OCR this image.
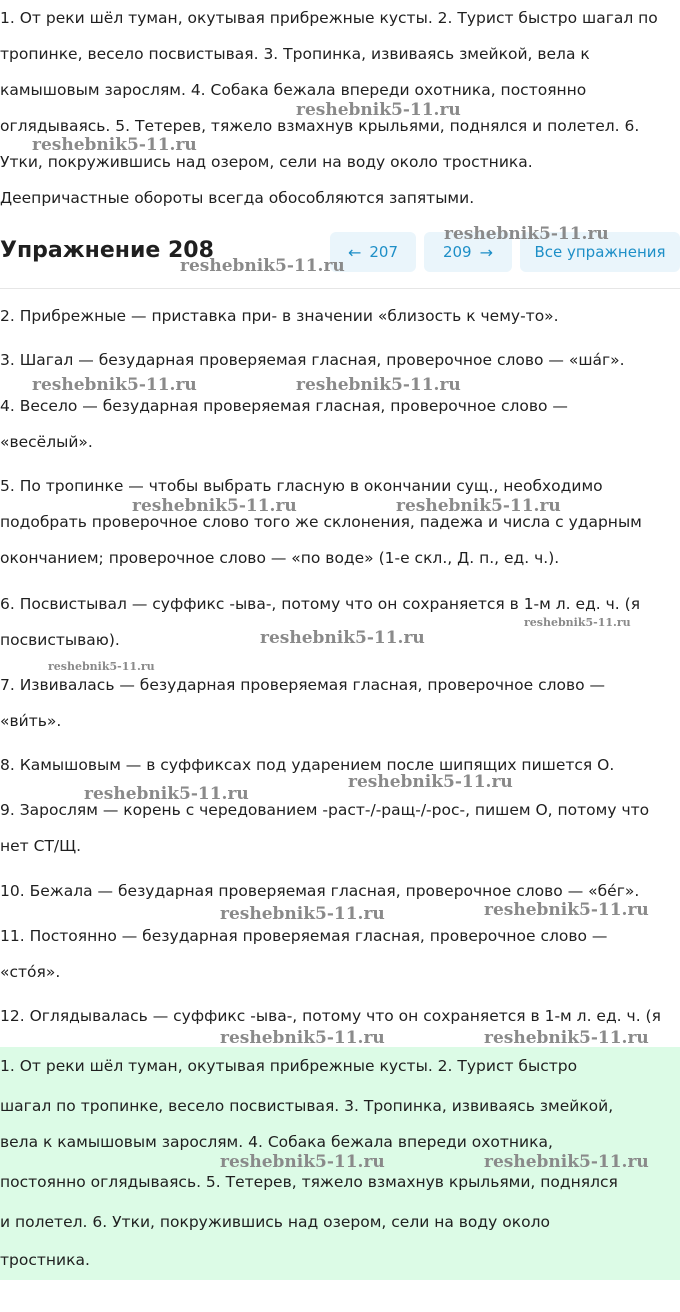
1. От реки шёл туман, окутывая прибрежные кусты. 2. Турист быстро шагал по

тропинке, весело посвистывая. 3. Тропинка, извиваясь змейкой, вела к

камышовым зарослям. 4. Собака бежала впереди охотника, постоянно

оглядываясь. 5. Тетерев, тяжело взмахнув крыльями, поднялся и полетел. 6.

Утки, покружившись над озером, сели на воду около тростника.

Деепричастные обороты всегда обособляются запятыми.

Упражнение 208	← 207	209 →	Все упражнения

2. Прибрежные — приставка при- в значении «близость к чему-то».

3. Шагал — безударная проверяемая гласная, проверочное слово — «ша́г».

4. Весело — безударная проверяемая гласная, проверочное слово —

«весёлый».

5. По тропинке — чтобы выбрать гласную в окончании сущ., необходимо

подобрать проверочное слово того же склонения, падежа и числа с ударным

окончанием; проверочное слово — «по воде» (1-е скл., Д. п., ед. ч.).

6. Посвистывал — суффикс -ыва-, потому что он сохраняется в 1-м л. ед. ч. (я

посвистываю).

7. Извивалась — безударная проверяемая гласная, проверочное слово —

«ви́ть».

8. Камышовым — в суффиксах под ударением после шипящих пишется О.

9. Зарослям — корень с чередованием -раст-/-ращ-/-рос-, пишем О, потому что

нет СТ/Щ.

10. Бежала — безударная проверяемая гласная, проверочное слово — «бе́г».

11. Постоянно — безударная проверяемая гласная, проверочное слово —

«сто́я».

12. Оглядывалась — суффикс -ыва-, потому что он сохраняется в 1-м л. ед. ч. (я

1. От реки шёл туман, окутывая прибрежные кусты. 2. Турист быстро

шагал по тропинке, весело посвистывая. 3. Тропинка, извиваясь змейкой,

вела к камышовым зарослям. 4. Собака бежала впереди охотника,

постоянно оглядываясь. 5. Тетерев, тяжело взмахнув крыльями, поднялся

и полетел. 6. Утки, покружившись над озером, сели на воду около

тростника.

reshebnik5-11.ru
reshebnik5-11.ru
reshebnik5-11.ru
reshebnik5-11.ru
reshebnik5-11.ru	reshebnik5-11.ru
reshebnik5-11.ru	reshebnik5-11.ru
reshebnik5-11.ru
reshebnik5-11.ru
reshebnik5-11.ru
reshebnik5-11.ru
reshebnik5-11.ru
reshebnik5-11.ru	reshebnik5-11.ru
reshebnik5-11.ru	reshebnik5-11.ru
reshebnik5-11.ru	reshebnik5-11.ru
